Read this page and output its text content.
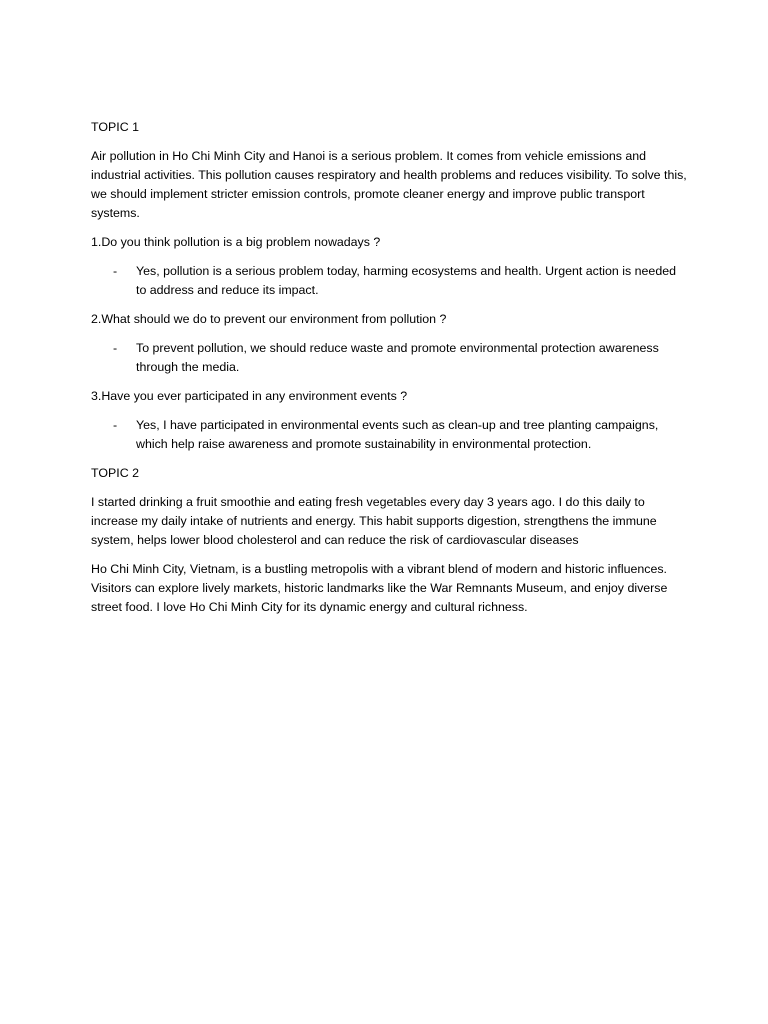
TOPIC 1

Air pollution in Ho Chi Minh City and Hanoi is a serious problem. It comes from vehicle emissions and industrial activities. This pollution causes respiratory and health problems and reduces visibility. To solve this, we should implement stricter emission controls, promote cleaner energy and improve public transport systems.

1.Do you think pollution is a big problem nowadays ?

- Yes, pollution is a serious problem today, harming ecosystems and health. Urgent action is needed to address and reduce its impact.

2.What should we do to prevent our environment from pollution ?

- To prevent pollution, we should reduce waste and promote environmental protection awareness through the media.

3.Have you ever participated in any environment events ?

- Yes, I have participated in environmental events such as clean-up and tree planting campaigns, which help raise awareness and promote sustainability in environmental protection.

TOPIC 2

I started drinking a fruit smoothie and eating fresh vegetables every day 3 years ago. I do this daily to increase my daily intake of nutrients and energy. This habit supports digestion, strengthens the immune system, helps lower blood cholesterol and can reduce the risk of cardiovascular diseases

Ho Chi Minh City, Vietnam, is a bustling metropolis with a vibrant blend of modern and historic influences. Visitors can explore lively markets, historic landmarks like the War Remnants Museum, and enjoy diverse street food. I love Ho Chi Minh City for its dynamic energy and cultural richness.
